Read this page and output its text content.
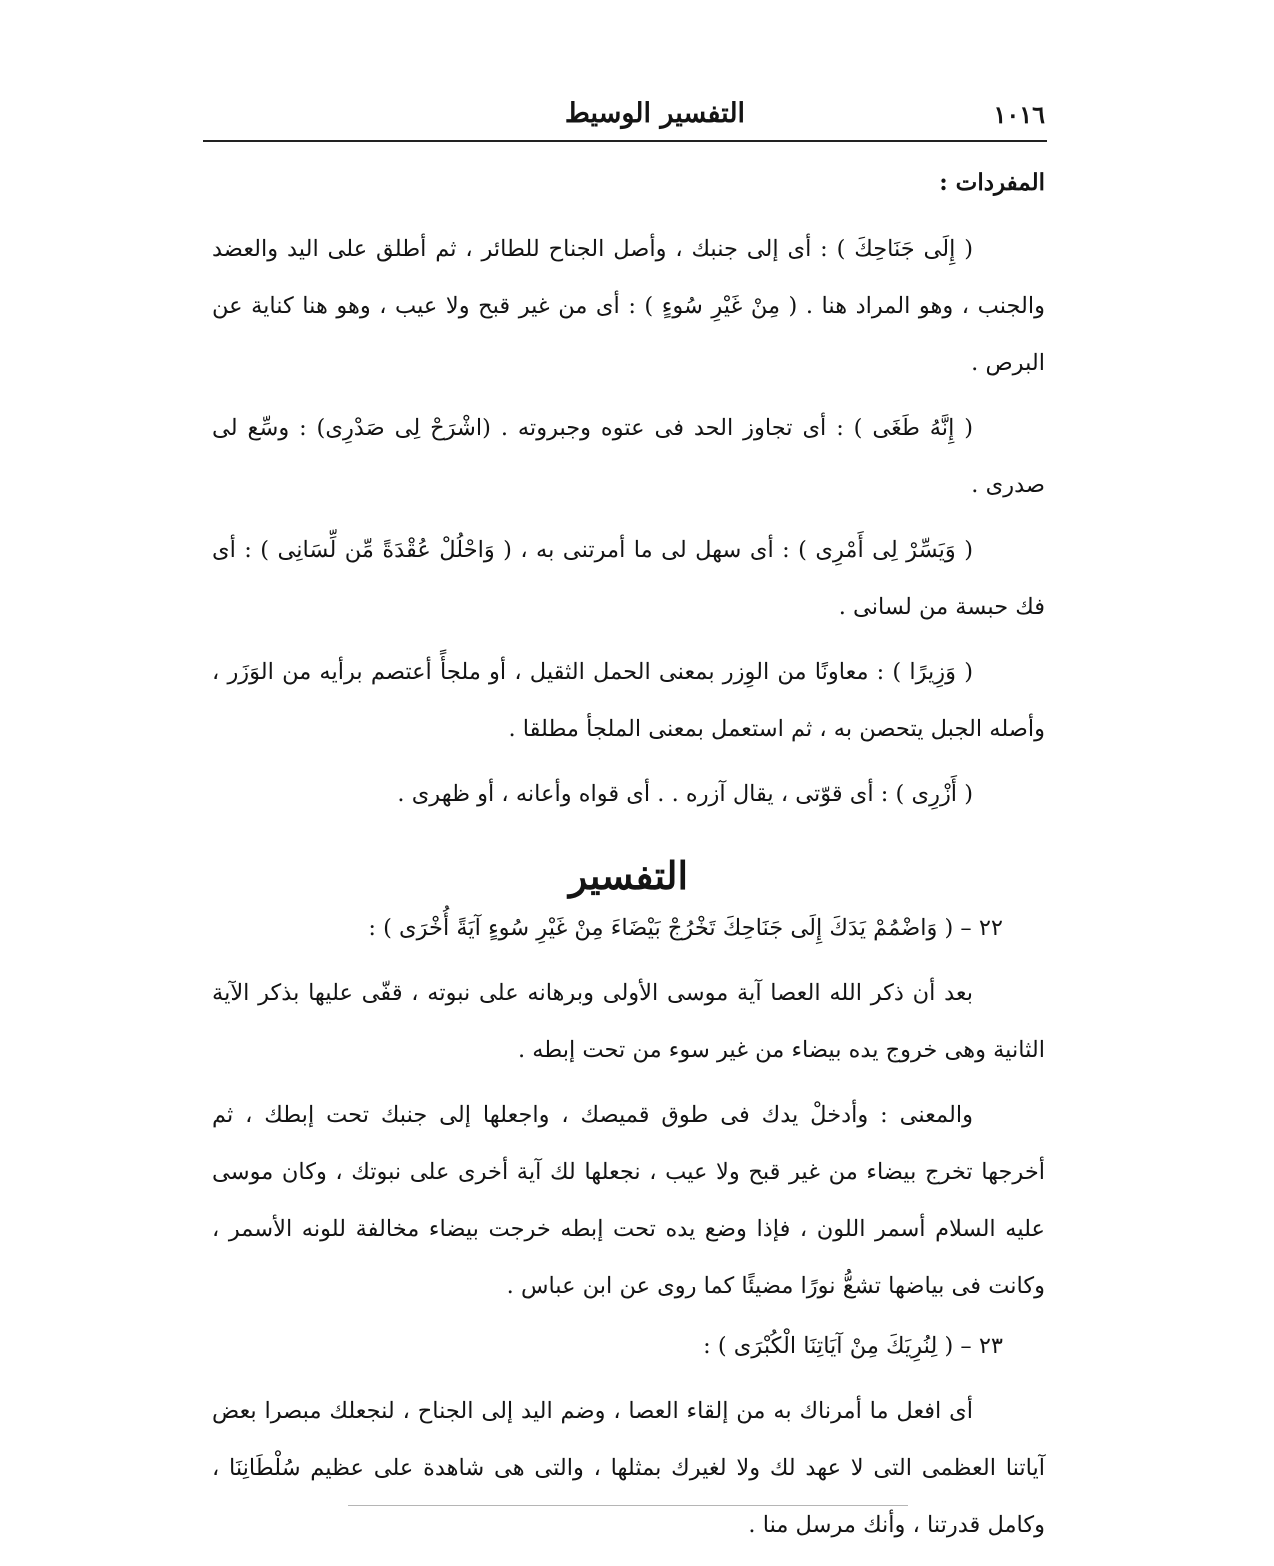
١٠١٦
التفسير الوسيط
المفردات :

( إِلَى جَنَاحِكَ ) : أى إلى جنبك ، وأصل الجناح للطائر ، ثم أطلق على اليد والعضد والجنب ، وهو المراد هنا . ( مِنْ غَيْرِ سُوءٍ ) : أى من غير قبح ولا عيب ، وهو هنا كناية عن البرص .

( إِنَّهُ طَغَى ) : أى تجاوز الحد فى عتوه وجبروته . (اشْرَحْ لِى صَدْرِى) : وسِّع لى صدرى .

( وَيَسِّرْ لِى أَمْرِى ) : أى سهل لى ما أمرتنى به ، ( وَاحْلُلْ عُقْدَةً مِّن لِّسَانِى ) : أى فك حبسة من لسانى .

( وَزِيرًا ) : معاونًا من الوِزر بمعنى الحمل الثقيل ، أو ملجأً أعتصم برأيه من الوَزَر ، وأصله الجبل يتحصن به ، ثم استعمل بمعنى الملجأ مطلقا .

( أَزْرِى ) : أى قوّتى ، يقال آزره . . أى قواه وأعانه ، أو ظهرى .

التفسير

٢٢ – ( وَاضْمُمْ يَدَكَ إِلَى جَنَاحِكَ تَخْرُجْ بَيْضَاءَ مِنْ غَيْرِ سُوءٍ آيَةً أُخْرَى ) :

بعد أن ذكر الله العصا آية موسى الأولى وبرهانه على نبوته ، قفّى عليها بذكر الآية الثانية وهى خروج يده بيضاء من غير سوء من تحت إبطه .

والمعنى : وأدخلْ يدك فى طوق قميصك ، واجعلها إلى جنبك تحت إبطك ، ثم أخرجها تخرج بيضاء من غير قبح ولا عيب ، نجعلها لك آية أخرى على نبوتك ، وكان موسى عليه السلام أسمر اللون ، فإذا وضع يده تحت إبطه خرجت بيضاء مخالفة للونه الأسمر ، وكانت فى بياضها تشعُّ نورًا مضيئًا كما روى عن ابن عباس .

٢٣ – ( لِنُرِيَكَ مِنْ آيَاتِنَا الْكُبْرَى ) :

أى افعل ما أمرناك به من إلقاء العصا ، وضم اليد إلى الجناح ، لنجعلك مبصرا بعض آياتنا العظمى التى لا عهد لك ولا لغيرك بمثلها ، والتى هى شاهدة على عظيم سُلْطَانِنَا ، وكامل قدرتنا ، وأنك مرسل منا .
